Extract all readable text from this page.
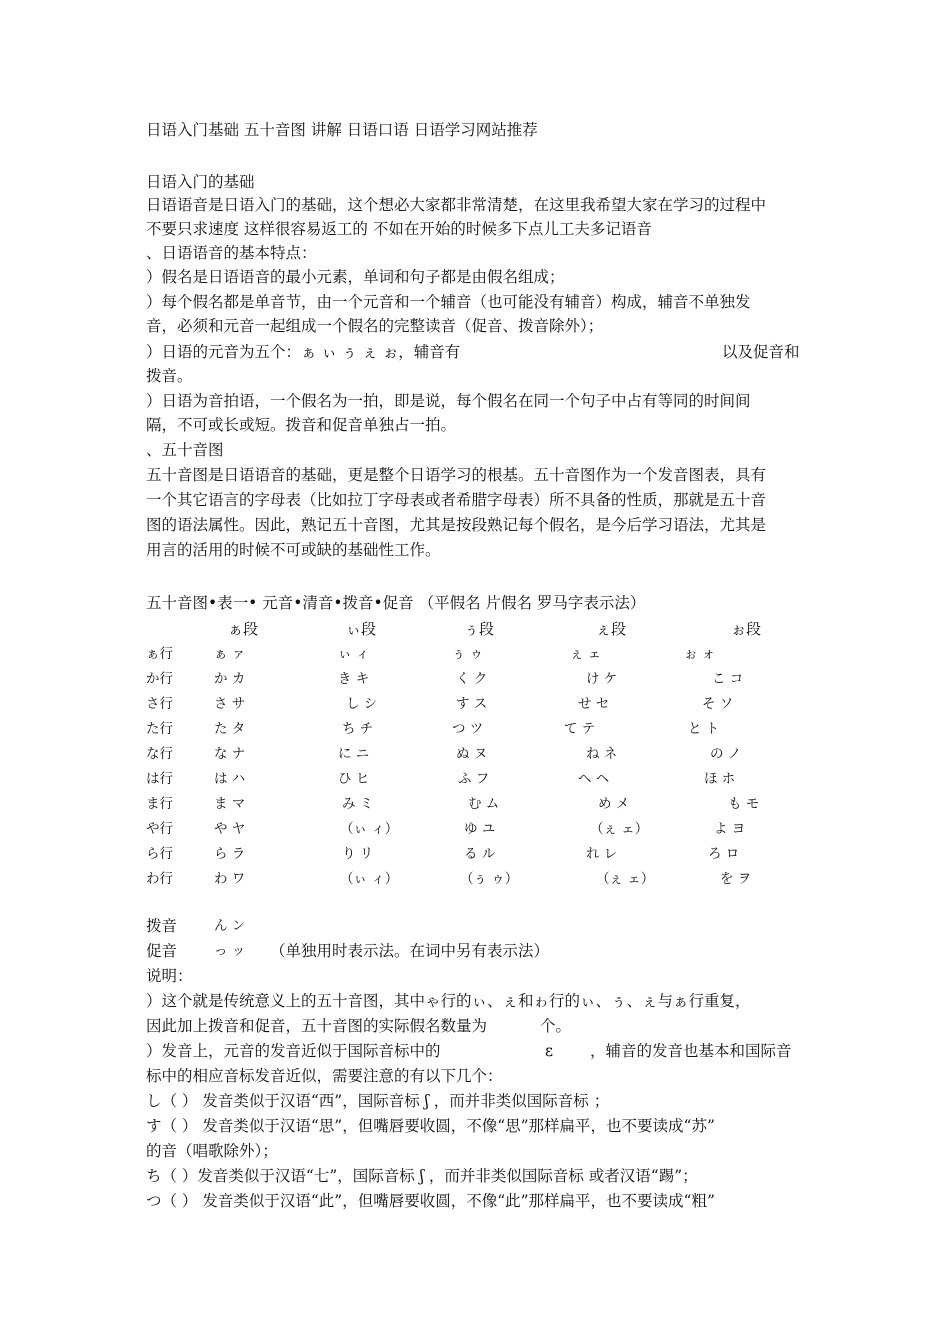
日语入门基础 五十音图 讲解 日语口语 日语学习网站推荐
日语入门的基础
日语语音是日语入门的基础，这个想必大家都非常清楚，在这里我希望大家在学习的过程中
不要只求速度 这样很容易返工的 不如在开始的时候多下点儿工夫多记语音
、日语语音的基本特点：
）假名是日语语音的最小元素，单词和句子都是由假名组成；
）每个假名都是单音节，由一个元音和一个辅音（也可能没有辅音）构成，辅音不单独发
音，必须和元音一起组成一个假名的完整读音（促音、拨音除外）；
）日语的元音为五个：ぁ ぃ ぅ ぇ ぉ，辅音有	以及促音和
拨音。
）日语为音拍语，一个假名为一拍，即是说，每个假名在同一个句子中占有等同的时间间
隔，不可或长或短。拨音和促音单独占一拍。
、五十音图
五十音图是日语语音的基础，更是整个日语学习的根基。五十音图作为一个发音图表，具有
一个其它语言的字母表（比如拉丁字母表或者希腊字母表）所不具备的性质，那就是五十音
图的语法属性。因此，熟记五十音图，尤其是按段熟记每个假名，是今后学习语法，尤其是
用言的活用的时候不可或缺的基础性工作。
五十音图•表一• 元音•清音•拨音•促音 （平假名 片假名 罗马字表示法）
ぁ段	ぃ段	ぅ段	ぇ段	ぉ段
ぁ行	ぁ ァ	ぃ ィ	ぅ ゥ	ぇ ェ	ぉ ォ
か行	か カ	き キ	く ク	け ケ	こ コ
さ行	さ サ	し シ	す ス	せ セ	そ ソ
た行	た タ	ち チ	つ ツ	て テ	と ト
な行	な ナ	に ニ	ぬ ヌ	ね ネ	の ノ
は行	は ハ	ひ ヒ	ふ フ	へ ヘ	ほ ホ
ま行	ま マ	み ミ	む ム	め メ	も モ
や行	や ヤ	（ぃ ィ）	ゆ ユ	（ぇ ェ）	よ ヨ
ら行	ら ラ	り リ	る ル	れ レ	ろ ロ
わ行	わ ワ	（ぃ ィ）	（ぅ ゥ）	（ぇ ェ）	を ヲ
拨音	ん ン
促音	っ ッ （单独用时表示法。在词中另有表示法）
说明：
）这个就是传统意义上的五十音图，其中ゃ行的ぃ、ぇ和ゎ行的ぃ、ぅ、ぇ与ぁ行重复，
因此加上拨音和促音，五十音图的实际假名数量为	个。
）发音上，元音的发音近似于国际音标中的	ε ，辅音的发音也基本和国际音
标中的相应音标发音近似，需要注意的有以下几个：
し（ ） 发音类似于汉语“西”，国际音标 ʃ ，而并非类似国际音标 ；
す（ ） 发音类似于汉语“思”，但嘴唇要收圆，不像“思”那样扁平，也不要读成“苏”
的音（唱歌除外）；
ち（ ）发音类似于汉语“七”，国际音标 ʃ ，而并非类似国际音标 或者汉语“踢”；
つ（ ） 发音类似于汉语“此”，但嘴唇要收圆，不像“此”那样扁平，也不要读成“粗”
